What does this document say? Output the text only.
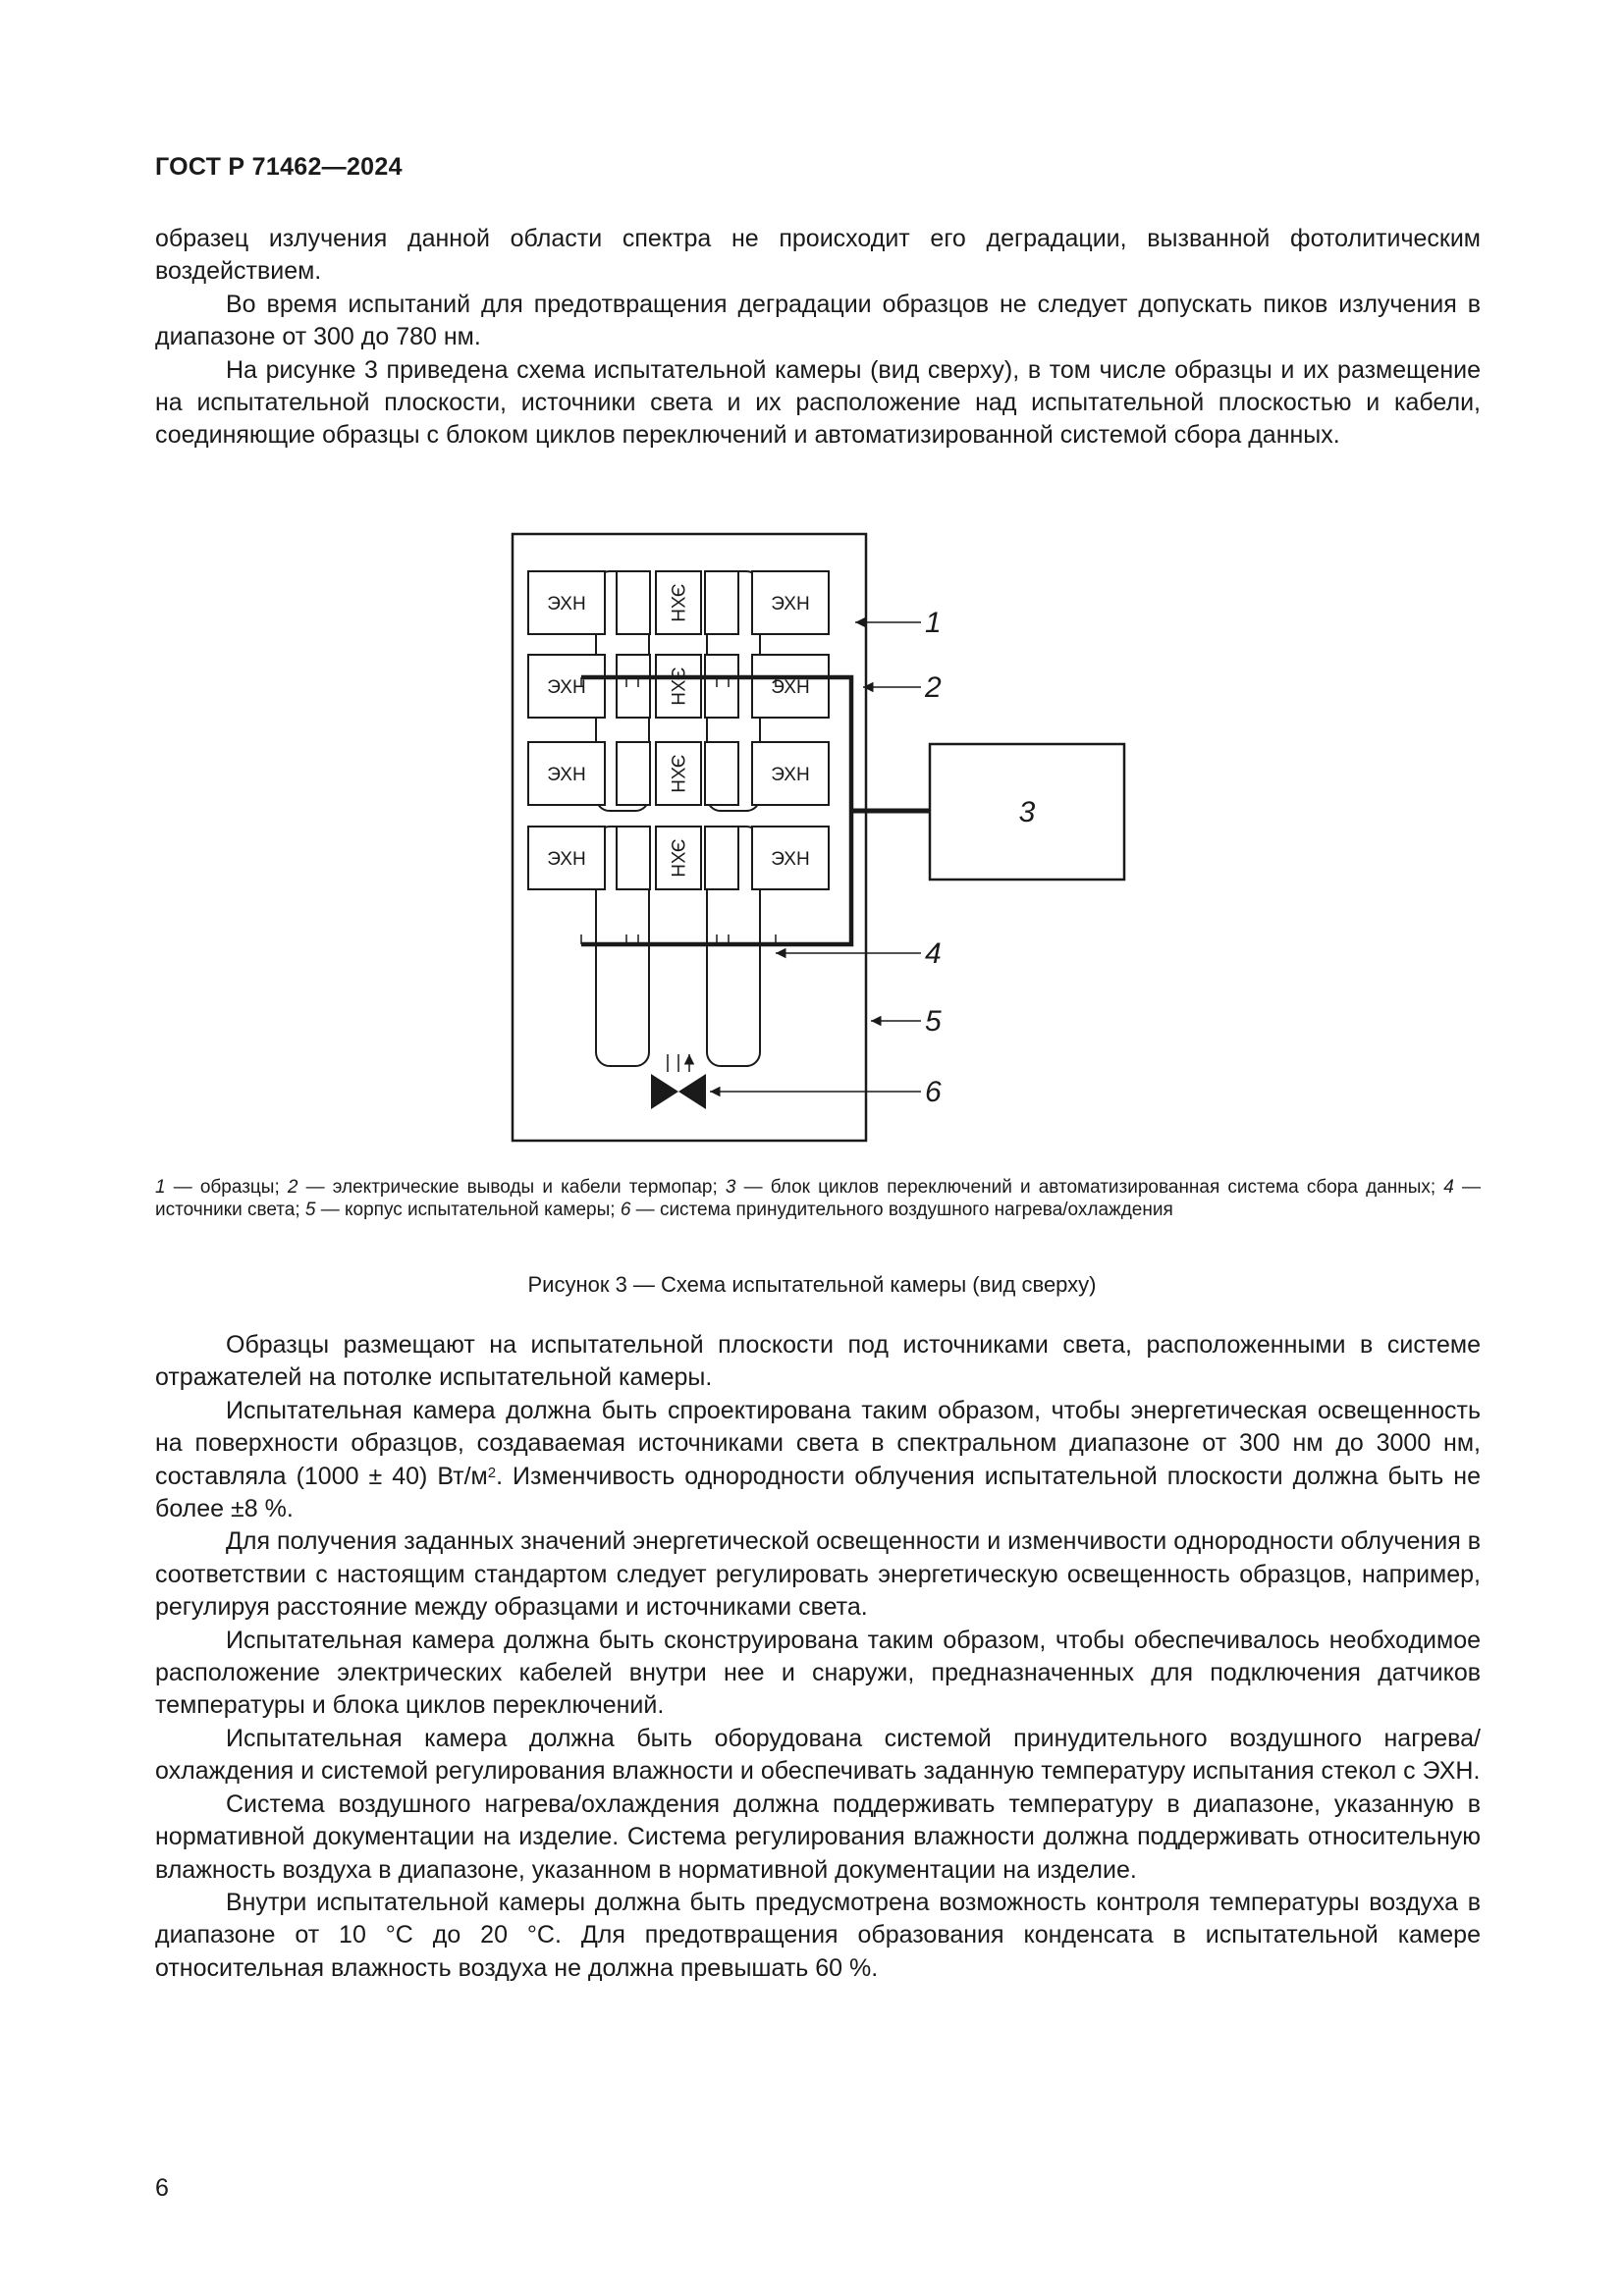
ГОСТ Р 71462—2024

образец излучения данной области спектра не происходит его деградации, вызванной фотолитическим воздействием.

Во время испытаний для предотвращения деградации образцов не следует допускать пиков излучения в диапазоне от 300 до 780 нм.

На рисунке 3 приведена схема испытательной камеры (вид сверху), в том числе образцы и их размещение на испытательной плоскости, источники света и их расположение над испытательной плоскостью и кабели, соединяющие образцы с блоком циклов переключений и автоматизированной системой сбора данных.

ЭХН	ЭХН	ЭХН
ЭХН	ЭХН	ЭХН
ЭХН	ЭХН	ЭХН
ЭХН	ЭХН	ЭХН
3
1
2
4
5
6
1 — образцы; 2 — электрические выводы и кабели термопар; 3 — блок циклов переключений и автоматизированная система сбора данных; 4 — источники света; 5 — корпус испытательной камеры; 6 — система принудительного воздушного нагрева/охлаждения
Рисунок 3 — Схема испытательной камеры (вид сверху)

Образцы размещают на испытательной плоскости под источниками света, расположенными в системе отражателей на потолке испытательной камеры.

Испытательная камера должна быть спроектирована таким образом, чтобы энергетическая освещенность на поверхности образцов, создаваемая источниками света в спектральном диапазоне от 300 нм до 3000 нм, составляла (1000 ± 40) $Вт/м^2$. Изменчивость однородности облучения испытательной плоскости должна быть не более ±8 %.

Для получения заданных значений энергетической освещенности и изменчивости однородности облучения в соответствии с настоящим стандартом следует регулировать энергетическую освещенность образцов, например, регулируя расстояние между образцами и источниками света.

Испытательная камера должна быть сконструирована таким образом, чтобы обеспечивалось необходимое расположение электрических кабелей внутри нее и снаружи, предназначенных для подключения датчиков температуры и блока циклов переключений.

Испытательная камера должна быть оборудована системой принудительного воздушного нагрева/охлаждения и системой регулирования влажности и обеспечивать заданную температуру испытания стекол с ЭХН.

Система воздушного нагрева/охлаждения должна поддерживать температуру в диапазоне, указанную в нормативной документации на изделие. Система регулирования влажности должна поддерживать относительную влажность воздуха в диапазоне, указанном в нормативной документации на изделие.

Внутри испытательной камеры должна быть предусмотрена возможность контроля температуры воздуха в диапазоне от 10 °С до 20 °С. Для предотвращения образования конденсата в испытательной камере относительная влажность воздуха не должна превышать 60 %.

6
